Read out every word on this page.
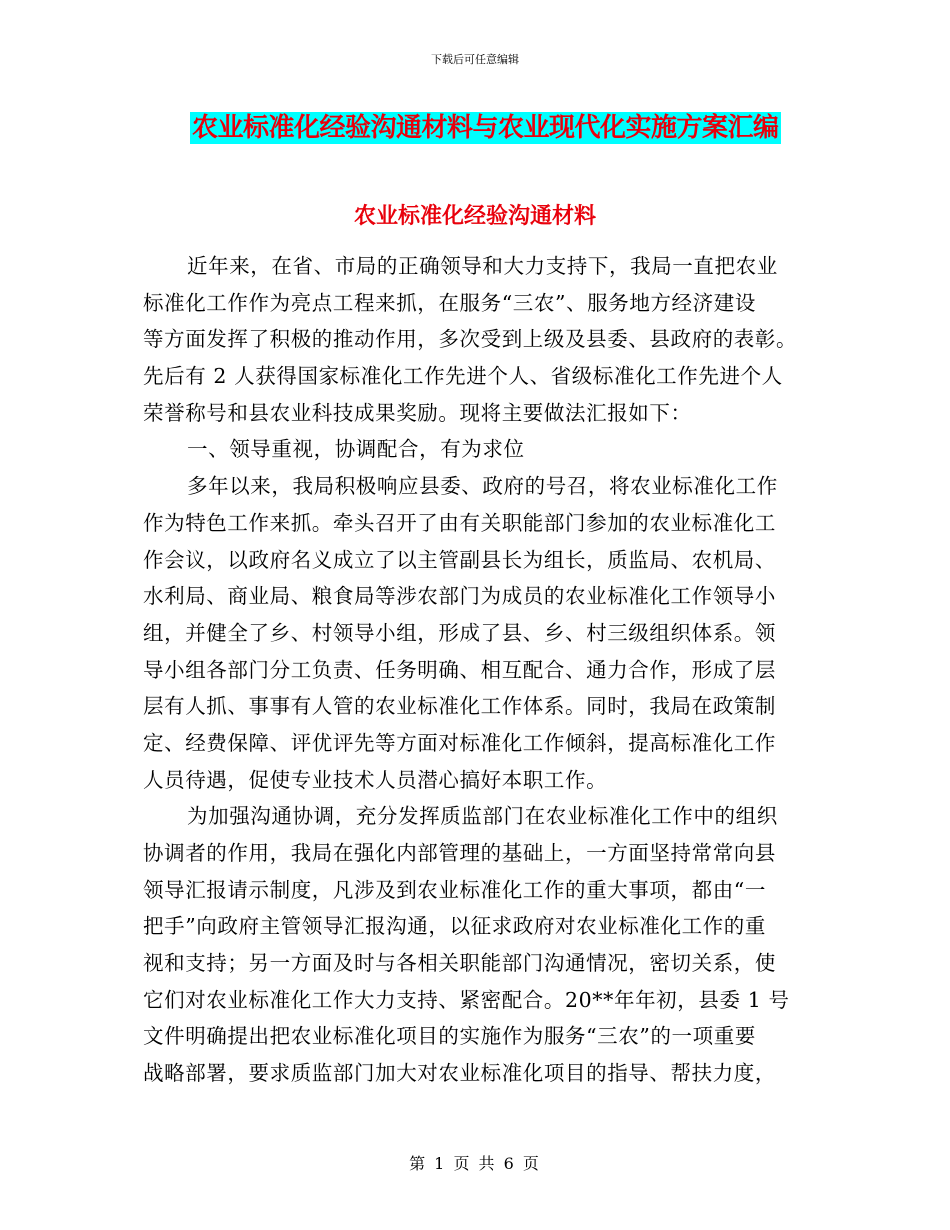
下载后可任意编辑
农业标准化经验沟通材料与农业现代化实施方案汇编
农业标准化经验沟通材料
近年来，在省、市局的正确领导和大力支持下，我局一直把农业
标准化工作作为亮点工程来抓，在服务“三农”、服务地方经济建设
等方面发挥了积极的推动作用，多次受到上级及县委、县政府的表彰。
先后有 2 人获得国家标准化工作先进个人、省级标准化工作先进个人
荣誉称号和县农业科技成果奖励。现将主要做法汇报如下：
一、领导重视，协调配合，有为求位
多年以来，我局积极响应县委、政府的号召，将农业标准化工作
作为特色工作来抓。牵头召开了由有关职能部门参加的农业标准化工
作会议，以政府名义成立了以主管副县长为组长，质监局、农机局、
水利局、商业局、粮食局等涉农部门为成员的农业标准化工作领导小
组，并健全了乡、村领导小组，形成了县、乡、村三级组织体系。领
导小组各部门分工负责、任务明确、相互配合、通力合作，形成了层
层有人抓、事事有人管的农业标准化工作体系。同时，我局在政策制
定、经费保障、评优评先等方面对标准化工作倾斜，提高标准化工作
人员待遇，促使专业技术人员潜心搞好本职工作。
为加强沟通协调，充分发挥质监部门在农业标准化工作中的组织
协调者的作用，我局在强化内部管理的基础上，一方面坚持常常向县
领导汇报请示制度，凡涉及到农业标准化工作的重大事项，都由“一
把手”向政府主管领导汇报沟通，以征求政府对农业标准化工作的重
视和支持；另一方面及时与各相关职能部门沟通情况，密切关系，使
它们对农业标准化工作大力支持、紧密配合。20**年年初，县委 1 号
文件明确提出把农业标准化项目的实施作为服务“三农”的一项重要
战略部署，要求质监部门加大对农业标准化项目的指导、帮扶力度，
第 1 页 共 6 页
